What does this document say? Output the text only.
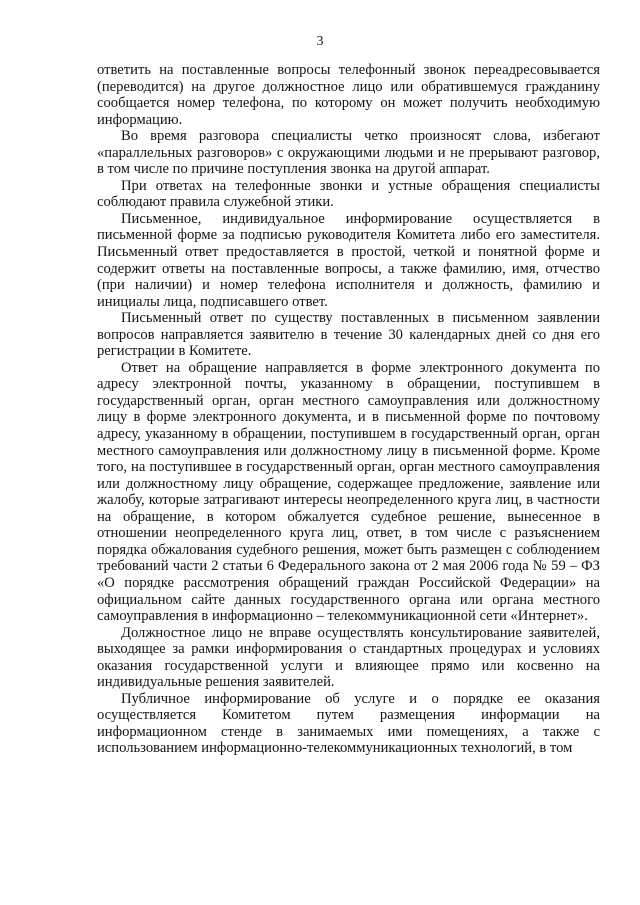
3

ответить на поставленные вопросы телефонный звонок переадресовывается (переводится) на другое должностное лицо или обратившемуся гражданину сообщается номер телефона, по которому он может получить необходимую информацию.

Во время разговора специалисты четко произносят слова, избегают «параллельных разговоров» с окружающими людьми и не прерывают разговор, в том числе по причине поступления звонка на другой аппарат.

При ответах на телефонные звонки и устные обращения специалисты соблюдают правила служебной этики.

Письменное, индивидуальное информирование осуществляется в письменной форме за подписью руководителя Комитета либо его заместителя. Письменный ответ предоставляется в простой, четкой и понятной форме и содержит ответы на поставленные вопросы, а также фамилию, имя, отчество (при наличии) и номер телефона исполнителя и должность, фамилию и инициалы лица, подписавшего ответ.

Письменный ответ по существу поставленных в письменном заявлении вопросов направляется заявителю в течение 30 календарных дней со дня его регистрации в Комитете.

Ответ на обращение направляется в форме электронного документа по адресу электронной почты, указанному в обращении, поступившем в государственный орган, орган местного самоуправления или должностному лицу в форме электронного документа, и в письменной форме по почтовому адресу, указанному в обращении, поступившем в государственный орган, орган местного самоуправления или должностному лицу в письменной форме. Кроме того, на поступившее в государственный орган, орган местного самоуправления или должностному лицу обращение, содержащее предложение, заявление или жалобу, которые затрагивают интересы неопределенного круга лиц, в частности на обращение, в котором обжалуется судебное решение, вынесенное в отношении неопределенного круга лиц, ответ, в том числе с разъяснением порядка обжалования судебного решения, может быть размещен с соблюдением требований части 2 статьи 6 Федерального закона от 2 мая 2006 года № 59 – ФЗ «О порядке рассмотрения обращений граждан Российской Федерации» на официальном сайте данных государственного органа или органа местного самоуправления в информационно – телекоммуникационной сети «Интернет».

Должностное лицо не вправе осуществлять консультирование заявителей, выходящее за рамки информирования о стандартных процедурах и условиях оказания государственной услуги и влияющее прямо или косвенно на индивидуальные решения заявителей.

Публичное информирование об услуге и о порядке ее оказания осуществляется Комитетом путем размещения информации на информационном стенде в занимаемых ими помещениях, а также с использованием информационно-телекоммуникационных технологий, в том
